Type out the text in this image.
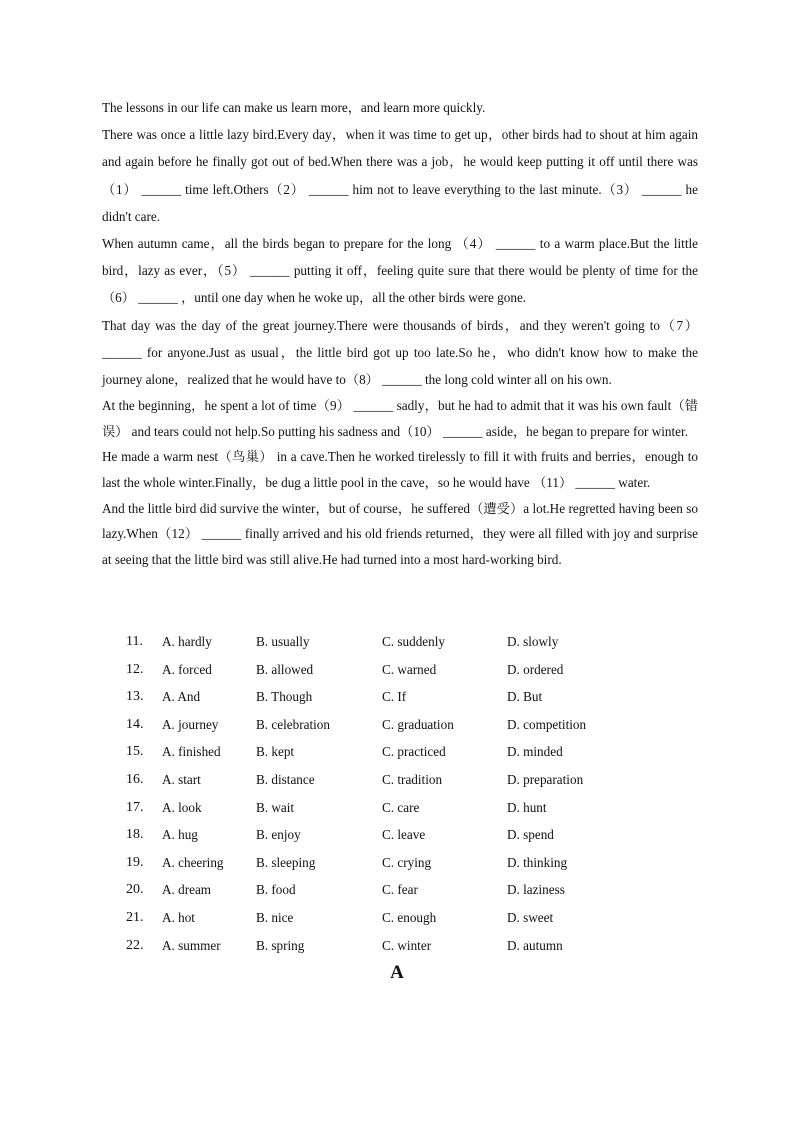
The lessons in our life can make us learn more，and learn more quickly.

There was once a little lazy bird.Every day，when it was time to get up，other birds had to shout at him again and again before he finally got out of bed.When there was a job，he would keep putting it off until there was（1） ______ time left.Others（2） ______ him not to leave everything to the last minute.（3） ______ he didn't care.

When autumn came，all the birds began to prepare for the long （4） ______ to a warm place.But the little bird，lazy as ever，（5） ______ putting it off，feeling quite sure that there would be plenty of time for the （6） ______ ，until one day when he woke up，all the other birds were gone.

That day was the day of the great journey.There were thousands of birds，and they weren't going to（7） ______ for anyone.Just as usual，the little bird got up too late.So he，who didn't know how to make the journey alone，realized that he would have to（8） ______ the long cold winter all on his own.

At the beginning，he spent a lot of time（9） ______ sadly，but he had to admit that it was his own fault（错误） and tears could not help.So putting his sadness and（10） ______ aside，he began to prepare for winter.

He made a warm nest（鸟巢） in a cave.Then he worked tirelessly to fill it with fruits and berries，enough to last the whole winter.Finally，be dug a little pool in the cave，so he would have （11） ______ water.

And the little bird did survive the winter，but of course，he suffered（遭受）a lot.He regretted having been so lazy.When（12） ______ finally arrived and his old friends returned，they were all filled with joy and surprise at seeing that the little bird was still alive.He had turned into a most hard-working bird.

11. A. hardly	B. usually	C. suddenly	D. slowly
12. A. forced	B. allowed	C. warned	D. ordered
13. A. And	B. Though	C. If	D. But
14. A. journey	B. celebration	C. graduation	D. competition
15. A. finished	B. kept	C. practiced	D. minded
16. A. start	B. distance	C. tradition	D. preparation
17. A. look	B. wait	C. care	D. hunt
18. A. hug	B. enjoy	C. leave	D. spend
19. A. cheering B. sleeping	C. crying	D. thinking
20. A. dream	B. food	C. fear	D. laziness
21. A. hot	B. nice	C. enough	D. sweet
22. A. summer	B. spring	C. winter	D. autumn
A
